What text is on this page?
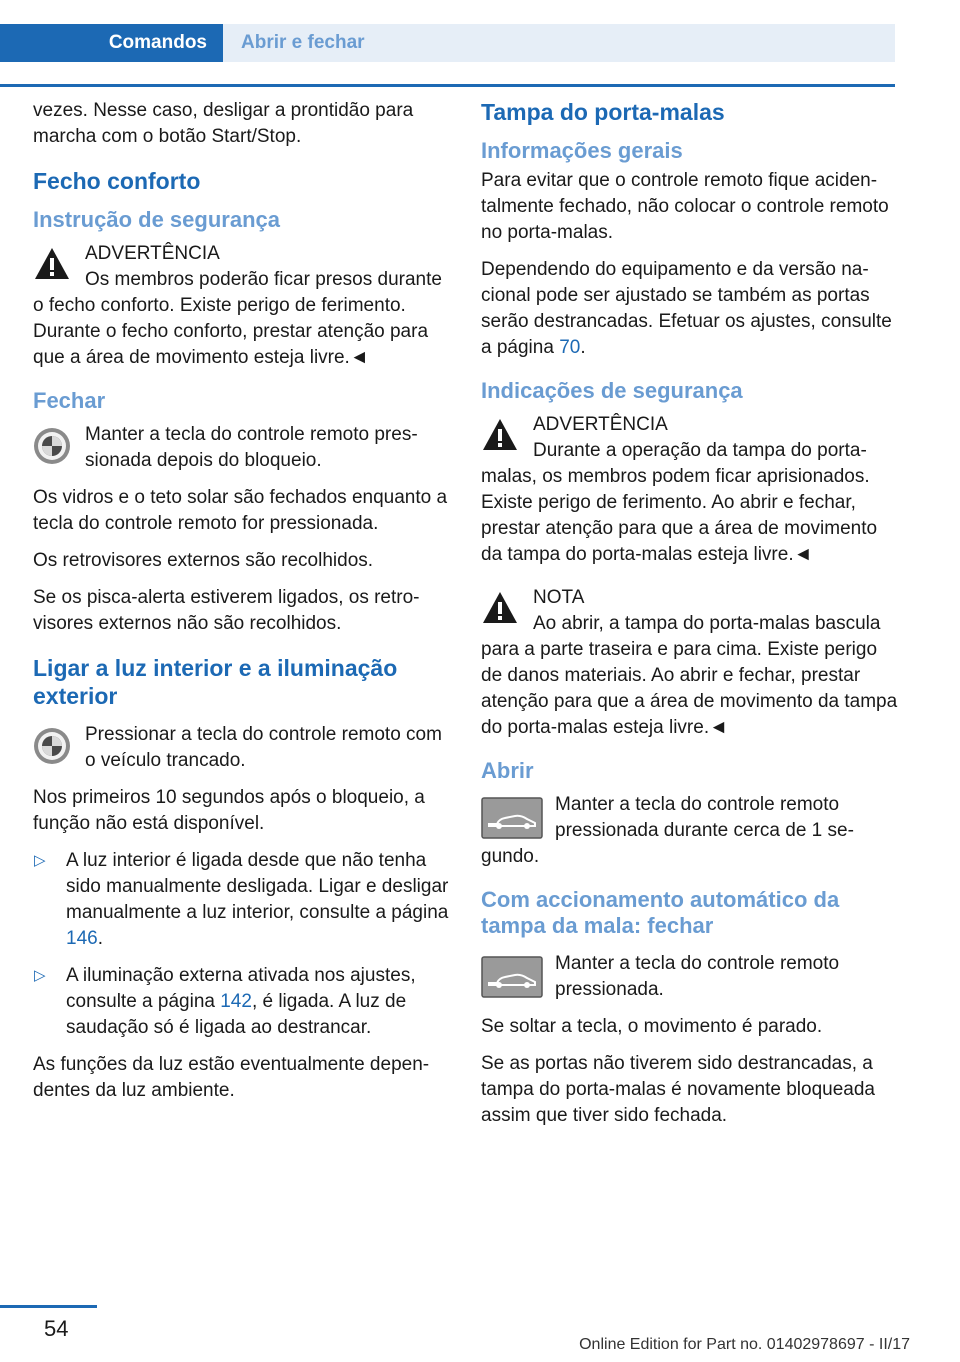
Comandos	Abrir e fechar

vezes. Nesse caso, desligar a prontidão para marcha com o botão Start/Stop.

Fecho conforto
Instrução de segurança
ADVERTÊNCIA
Os membros poderão ficar presos durante o fecho conforto. Existe perigo de ferimento. Durante o fecho conforto, prestar atenção para que a área de movimento esteja livre.◄
Fechar
Manter a tecla do controle remoto pressionada depois do bloqueio.

Os vidros e o teto solar são fechados enquanto a tecla do controle remoto for pressionada.

Os retrovisores externos são recolhidos.

Se os pisca-alerta estiverem ligados, os retrovisores externos não são recolhidos.

Ligar a luz interior e a iluminação exterior
Pressionar a tecla do controle remoto com o veículo trancado.

Nos primeiros 10 segundos após o bloqueio, a função não está disponível.

▷ A luz interior é ligada desde que não tenha sido manualmente desligada. Ligar e desligar manualmente a luz interior, consulte a página 146.
▷ A iluminação externa ativada nos ajustes, consulte a página 142, é ligada. A luz de saudação só é ligada ao destrancar.

As funções da luz estão eventualmente dependentes da luz ambiente.

Tampa do porta-malas
Informações gerais

Para evitar que o controle remoto fique acidentalmente fechado, não colocar o controle remoto no porta-malas.

Dependendo do equipamento e da versão nacional pode ser ajustado se também as portas serão destrancadas. Efetuar os ajustes, consulte a página 70.

Indicações de segurança
ADVERTÊNCIA
Durante a operação da tampa do porta-malas, os membros podem ficar aprisionados. Existe perigo de ferimento. Ao abrir e fechar, prestar atenção para que a área de movimento da tampa do porta-malas esteja livre.◄
NOTA
Ao abrir, a tampa do porta-malas bascula para a parte traseira e para cima. Existe perigo de danos materiais. Ao abrir e fechar, prestar atenção para que a área de movimento da tampa do porta-malas esteja livre.◄
Abrir
Manter a tecla do controle remoto pressionada durante cerca de 1 segundo.
Com accionamento automático da tampa da mala: fechar
Manter a tecla do controle remoto pressionada.

Se soltar a tecla, o movimento é parado.

Se as portas não tiverem sido destrancadas, a tampa do porta-malas é novamente bloqueada assim que tiver sido fechada.

54
Online Edition for Part no. 01402978697 - II/17
